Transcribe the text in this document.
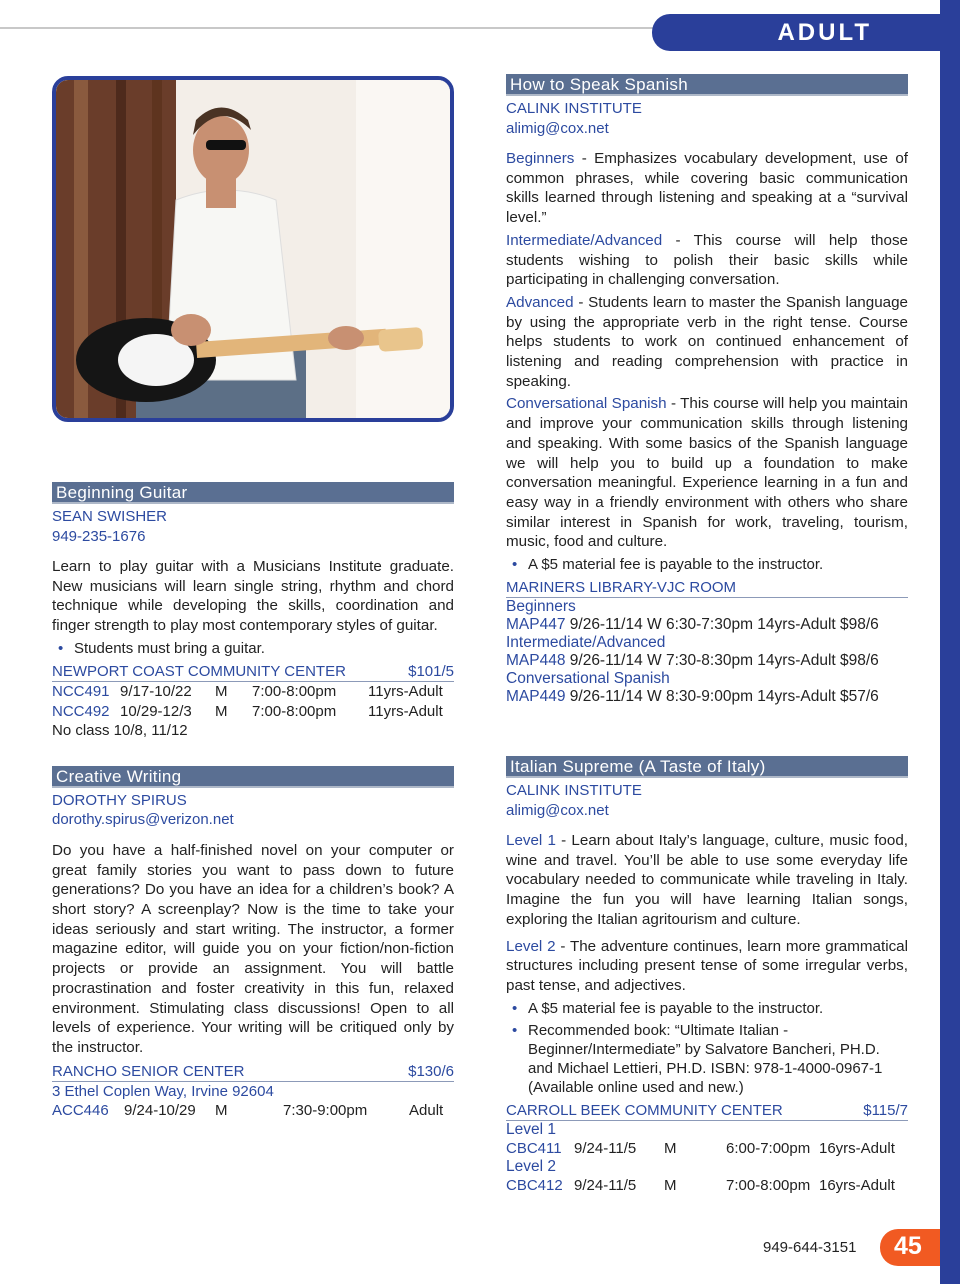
ADULT
Beginning Guitar
SEAN SWISHER
949-235-1676
Learn to play guitar with a Musicians Institute graduate. New musicians will learn single string, rhythm and chord technique while developing the skills, coordination and finger strength to play most contemporary styles of guitar.
• Students must bring a guitar.
NEWPORT COAST COMMUNITY CENTER	$101/5
NCC491 9/17-10/22	M	7:00-8:00pm	11yrs-Adult
NCC492 10/29-12/3	M	7:00-8:00pm	11yrs-Adult
No class 10/8, 11/12
Creative Writing
DOROTHY SPIRUS
dorothy.spirus@verizon.net
Do you have a half-finished novel on your computer or great family stories you want to pass down to future generations? Do you have an idea for a children’s book? A short story? A screenplay? Now is the time to take your ideas seriously and start writing. The instructor, a former magazine editor, will guide you on your fiction/non-fiction projects or provide an assignment. You will battle procrastination and foster creativity in this fun, relaxed environment. Stimulating class discussions! Open to all levels of experience. Your writing will be critiqued only by the instructor.
RANCHO SENIOR CENTER	$130/6
3 Ethel Coplen Way, Irvine 92604
ACC446	9/24-10/29	M	7:30-9:00pm	Adult
How to Speak Spanish
CALINK INSTITUTE
alimig@cox.net
Beginners - Emphasizes vocabulary development, use of common phrases, while covering basic communication skills learned through listening and speaking at a “survival level.”
Intermediate/Advanced - This course will help those students wishing to polish their basic skills while participating in challenging conversation.
Advanced - Students learn to master the Spanish language by using the appropriate verb in the right tense. Course helps students to work on continued enhancement of listening and reading comprehension with practice in speaking.
Conversational Spanish - This course will help you maintain and improve your communication skills through listening and speaking. With some basics of the Spanish language we will help you to build up a foundation to make conversation meaningful. Experience learning in a fun and easy way in a friendly environment with others who share similar interest in Spanish for work, traveling, tourism, music, food and culture.
• A $5 material fee is payable to the instructor.
MARINERS LIBRARY-VJC ROOM
Beginners
MAP447 9/26-11/14 W 6:30-7:30pm 14yrs-Adult $98/6
Intermediate/Advanced
MAP448 9/26-11/14 W 7:30-8:30pm 14yrs-Adult $98/6
Conversational Spanish
MAP449 9/26-11/14 W 8:30-9:00pm 14yrs-Adult $57/6
Italian Supreme (A Taste of Italy)
CALINK INSTITUTE
alimig@cox.net
Level 1 - Learn about Italy’s language, culture, music food, wine and travel. You’ll be able to use some everyday life vocabulary needed to communicate while traveling in Italy. Imagine the fun you will have learning Italian songs, exploring the Italian agritourism and culture.
Level 2 - The adventure continues, learn more grammatical structures including present tense of some irregular verbs, past tense, and adjectives.
• A $5 material fee is payable to the instructor.
• Recommended book: “Ultimate Italian - Beginner/Intermediate” by Salvatore Bancheri, PH.D. and Michael Lettieri, PH.D. ISBN: 978-1-4000-0967-1 (Available online used and new.)
CARROLL BEEK COMMUNITY CENTER	$115/7
Level 1
CBC411 9/24-11/5	M	6:00-7:00pm 16yrs-Adult
Level 2
CBC412 9/24-11/5	M	7:00-8:00pm 16yrs-Adult
949-644-3151 45
